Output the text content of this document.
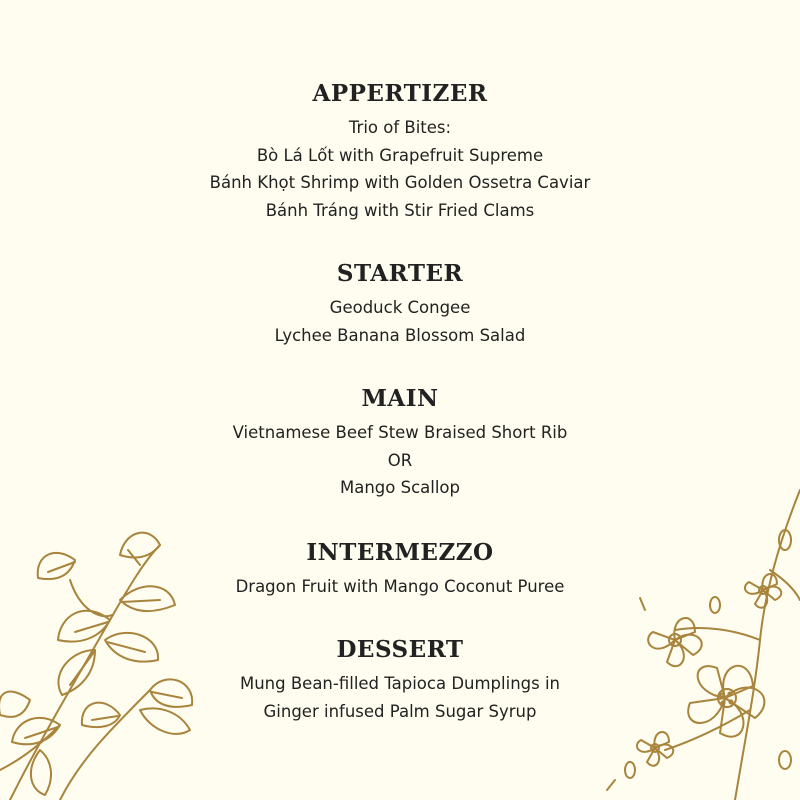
APPERTIZER
Trio of Bites:
Bò Lá Lốt with Grapefruit Supreme
Bánh Khọt Shrimp with Golden Ossetra Caviar
Bánh Tráng with Stir Fried Clams
STARTER
Geoduck Congee
Lychee Banana Blossom Salad
MAIN
Vietnamese Beef Stew Braised Short Rib
OR
Mango Scallop
INTERMEZZO
Dragon Fruit with Mango Coconut Puree
DESSERT
Mung Bean-filled Tapioca Dumplings in
Ginger infused Palm Sugar Syrup
